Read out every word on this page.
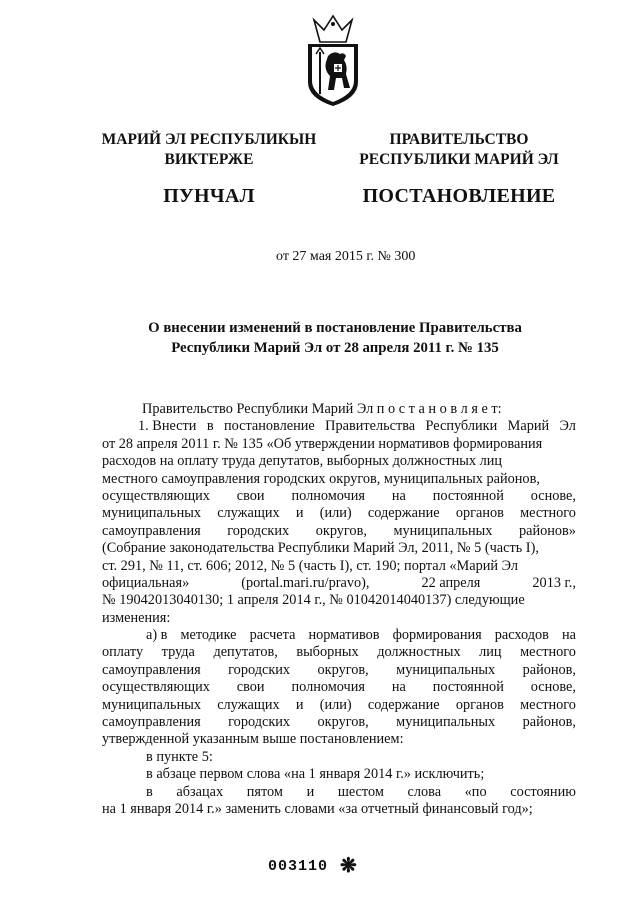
МАРИЙ ЭЛ РЕСПУБЛИКЫН
ВИКТЕРЖЕ
ПУНЧАЛ
ПРАВИТЕЛЬСТВО
РЕСПУБЛИКИ МАРИЙ ЭЛ
ПОСТАНОВЛЕНИЕ
от 27 мая 2015 г. № 300
О внесении изменений в постановление Правительства
Республики Марий Эл от 28 апреля 2011 г. № 135
Правительство Республики Марий Эл п о с т а н о в л я е т:
1. Внести в постановление Правительства Республики Марий Эл
от 28 апреля 2011 г. № 135 «Об утверждении нормативов формирования
расходов на оплату труда депутатов, выборных должностных лиц
местного самоуправления городских округов, муниципальных районов,
осуществляющих свои полномочия на постоянной основе,
муниципальных служащих и (или) содержание органов местного
самоуправления городских округов, муниципальных районов»
(Собрание законодательства Республики Марий Эл, 2011, № 5 (часть I),
ст. 291, № 11, ст. 606; 2012, № 5 (часть I), ст. 190; портал «Марий Эл
официальная»	(portal.mari.ru/pravo),	22 апреля	2013 г.,
№ 19042013040130; 1 апреля 2014 г., № 01042014040137) следующие
изменения:
а) в методике расчета нормативов формирования расходов на
оплату труда депутатов, выборных должностных лиц местного
самоуправления городских округов, муниципальных районов,
осуществляющих свои полномочия на постоянной основе,
муниципальных служащих и (или) содержание органов местного
самоуправления городских округов, муниципальных районов,
утвержденной указанным выше постановлением:
в пункте 5:
в абзаце первом слова «на 1 января 2014 г.» исключить;
в абзацах пятом и шестом слова «по состоянию
на 1 января 2014 г.» заменить словами «за отчетный финансовый год»;
003110 ❋
